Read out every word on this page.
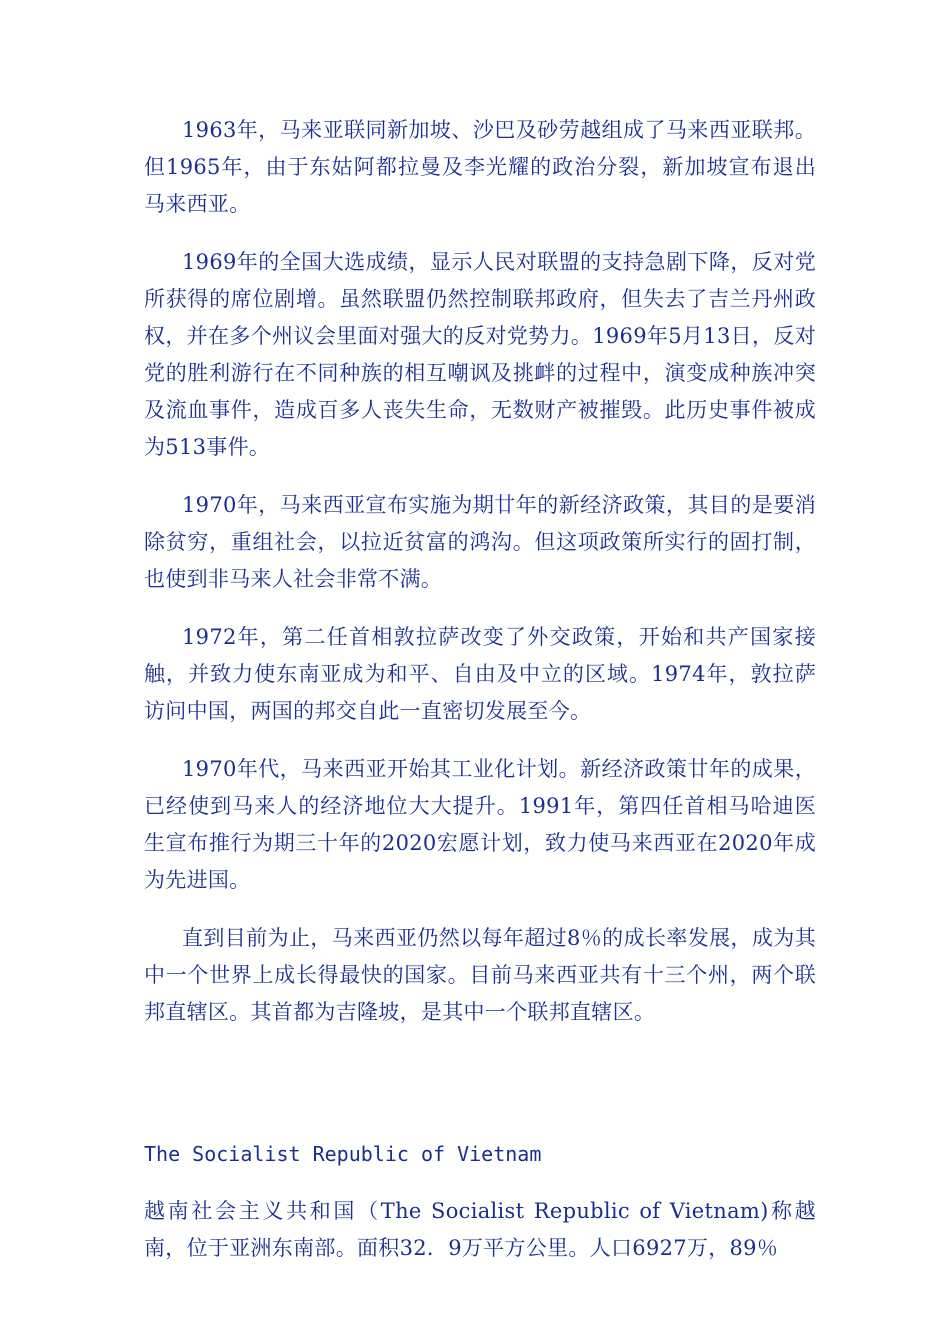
1963年，马来亚联同新加坡、沙巴及砂劳越组成了马来西亚联邦。但1965年，由于东姑阿都拉曼及李光耀的政治分裂，新加坡宣布退出马来西亚。

1969年的全国大选成绩，显示人民对联盟的支持急剧下降，反对党所获得的席位剧增。虽然联盟仍然控制联邦政府，但失去了吉兰丹州政权，并在多个州议会里面对强大的反对党势力。1969年5月13日，反对党的胜利游行在不同种族的相互嘲讽及挑衅的过程中，演变成种族冲突及流血事件，造成百多人丧失生命，无数财产被摧毁。此历史事件被成为513事件。

1970年，马来西亚宣布实施为期廿年的新经济政策，其目的是要消除贫穷，重组社会，以拉近贫富的鸿沟。但这项政策所实行的固打制，也使到非马来人社会非常不满。

1972年，第二任首相敦拉萨改变了外交政策，开始和共产国家接触，并致力使东南亚成为和平、自由及中立的区域。1974年，敦拉萨访问中国，两国的邦交自此一直密切发展至今。

1970年代，马来西亚开始其工业化计划。新经济政策廿年的成果，已经使到马来人的经济地位大大提升。1991年，第四任首相马哈迪医生宣布推行为期三十年的2020宏愿计划，致力使马来西亚在2020年成为先进国。

直到目前为止，马来西亚仍然以每年超过8％的成长率发展，成为其中一个世界上成长得最快的国家。目前马来西亚共有十三个州，两个联邦直辖区。其首都为吉隆坡，是其中一个联邦直辖区。

The Socialist Republic of Vietnam

越南社会主义共和国（The Socialist Republic of Vietnam)称越南，位于亚洲东南部。面积32．9万平方公里。人口6927万，89％
